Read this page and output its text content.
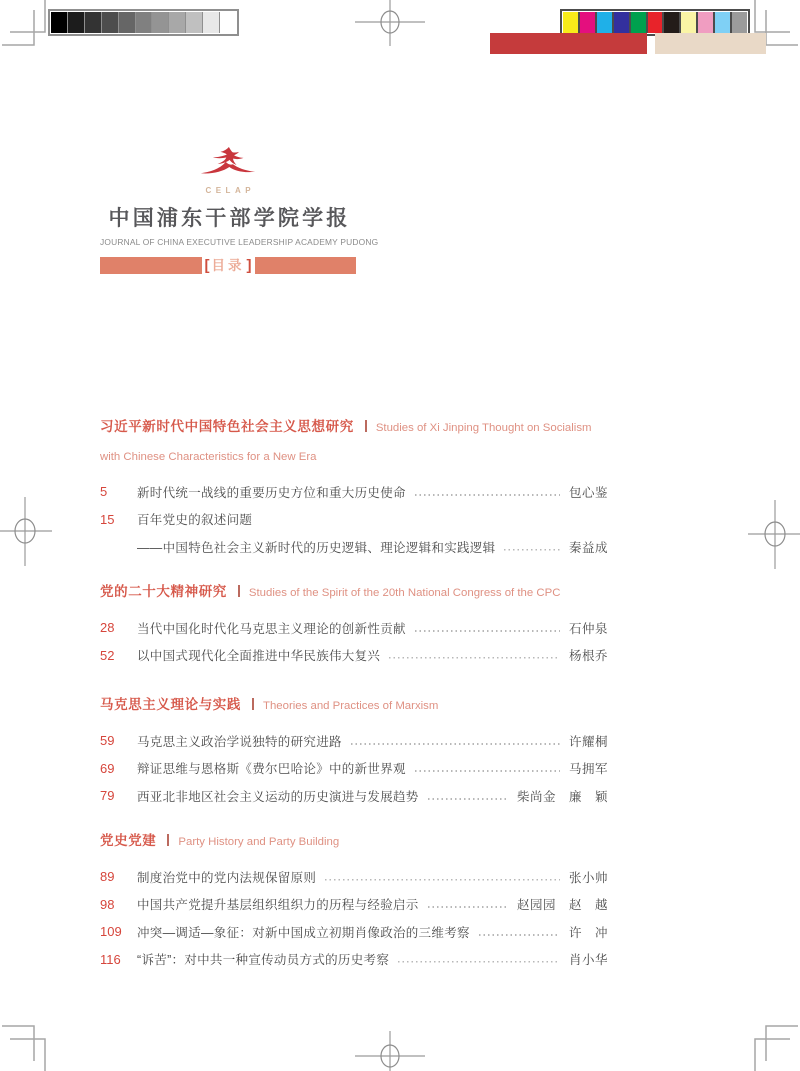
CELAP
中国浦东干部学院学报
JOURNAL OF CHINA EXECUTIVE LEADERSHIP ACADEMY PUDONG
[ 目录 ]
习近平新时代中国特色社会主义思想研究 Studies of Xi Jinping Thought on Socialism with Chinese Characteristics for a New Era
5	新时代统一战线的重要历史方位和重大历史使命	包心鉴
15	百年党史的叙述问题
——中国特色社会主义新时代的历史逻辑、理论逻辑和实践逻辑	秦益成
党的二十大精神研究 Studies of the Spirit of the 20th National Congress of the CPC
28	当代中国化时代化马克思主义理论的创新性贡献	石仲泉
52	以中国式现代化全面推进中华民族伟大复兴	杨根乔
马克思主义理论与实践 Theories and Practices of Marxism
59	马克思主义政治学说独特的研究进路	许耀桐
69	辩证思维与恩格斯《费尔巴哈论》中的新世界观	马拥军
79	西亚北非地区社会主义运动的历史演进与发展趋势	柴尚金　廉　颖
党史党建 Party History and Party Building
89	制度治党中的党内法规保留原则	张小帅
98	中国共产党提升基层组织组织力的历程与经验启示	赵园园　赵　越
109	冲突—调适—象征：对新中国成立初期肖像政治的三维考察	许　冲
116	“诉苦”：对中共一种宣传动员方式的历史考察	肖小华
